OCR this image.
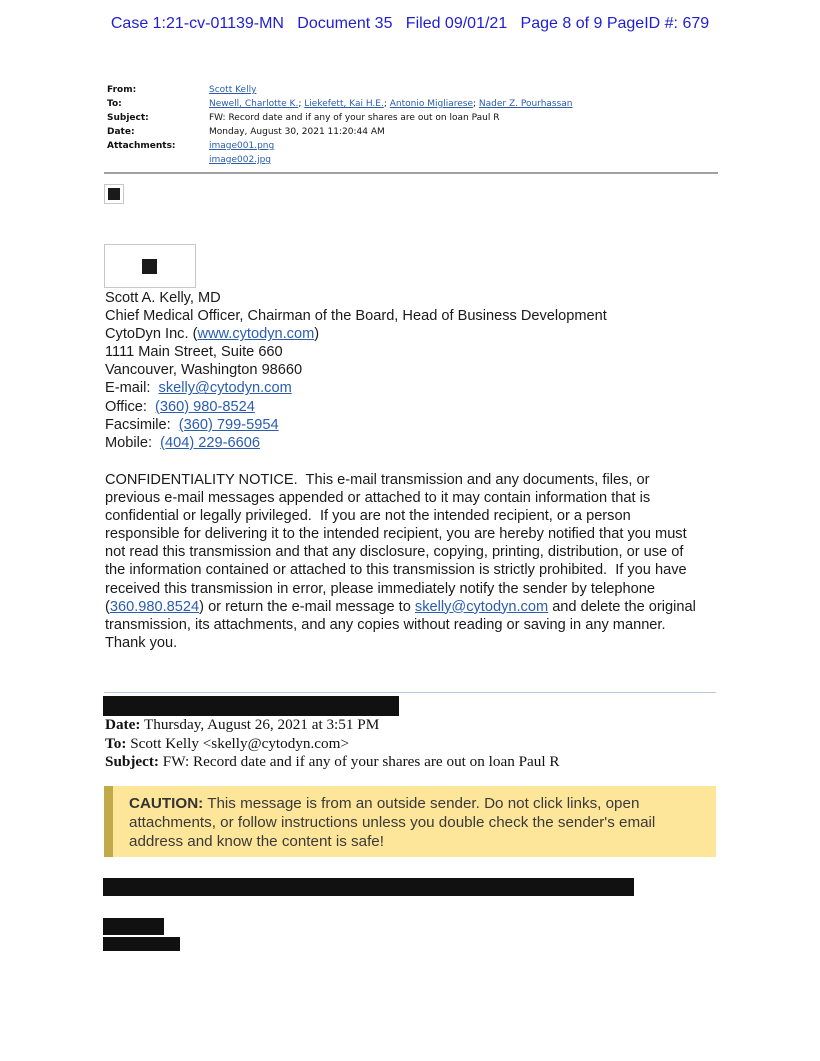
Case 1:21-cv-01139-MN   Document 35   Filed 09/01/21   Page 8 of 9 PageID #: 679
From:	Scott Kelly
To:	Newell, Charlotte K.; Liekefett, Kai H.E.; Antonio Migliarese; Nader Z. Pourhassan
Subject:	FW: Record date and if any of your shares are out on loan Paul R
Date:	Monday, August 30, 2021 11:20:44 AM
Attachments:	image001.png
image002.jpg
Scott A. Kelly, MD
Chief Medical Officer, Chairman of the Board, Head of Business Development
CytoDyn Inc. (www.cytodyn.com)
1111 Main Street, Suite 660
Vancouver, Washington 98660
E-mail:  skelly@cytodyn.com
Office:  (360) 980-8524
Facsimile:  (360) 799-5954
Mobile:  (404) 229-6606
CONFIDENTIALITY NOTICE.  This e-mail transmission and any documents, files, or
previous e-mail messages appended or attached to it may contain information that is
confidential or legally privileged.  If you are not the intended recipient, or a person
responsible for delivering it to the intended recipient, you are hereby notified that you must
not read this transmission and that any disclosure, copying, printing, distribution, or use of
the information contained or attached to this transmission is strictly prohibited.  If you have
received this transmission in error, please immediately notify the sender by telephone
(360.980.8524) or return the e-mail message to skelly@cytodyn.com and delete the original
transmission, its attachments, and any copies without reading or saving in any manner.
Thank you.
Date: Thursday, August 26, 2021 at 3:51 PM
To: Scott Kelly <skelly@cytodyn.com>
Subject: FW: Record date and if any of your shares are out on loan Paul R
CAUTION: This message is from an outside sender. Do not click links, open
attachments, or follow instructions unless you double check the sender's email
address and know the content is safe!
